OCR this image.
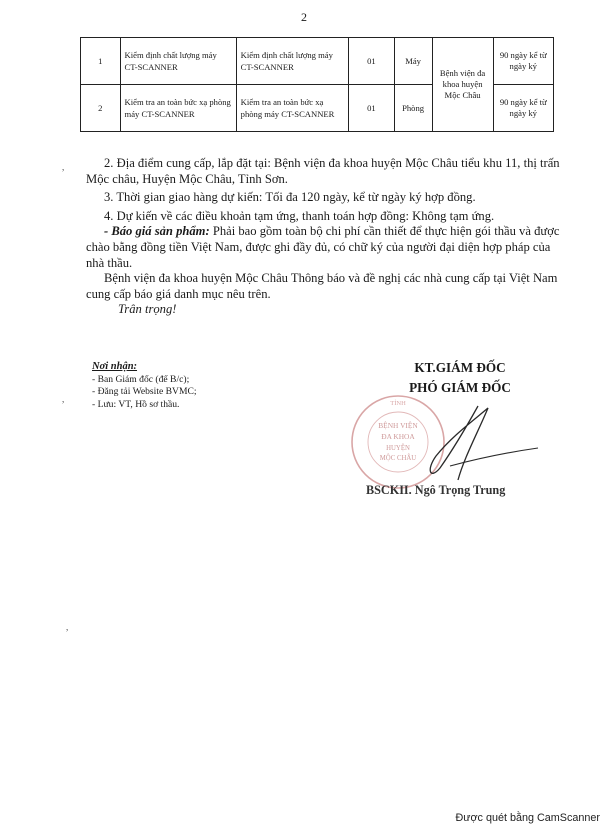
2
1	Kiểm định chất lượng máy CT-SCANNER	Kiểm định chất lượng máy CT-SCANNER	01	Máy	Bệnh viện đa khoa huyện Mộc Châu	90 ngày kể từ ngày ký
2	Kiểm tra an toàn bức xạ phòng máy CT-SCANNER	Kiểm tra an toàn bức xạ phòng máy CT-SCANNER	01	Phòng		90 ngày kể từ ngày ký

2. Địa điểm cung cấp, lắp đặt tại: Bệnh viện đa khoa huyện Mộc Châu tiểu khu 11, thị trấn Mộc châu, Huyện Mộc Châu, Tỉnh Sơn.

3. Thời gian giao hàng dự kiến: Tối đa 120 ngày, kể từ ngày ký hợp đồng.

4. Dự kiến về các điều khoản tạm ứng, thanh toán hợp đồng: Không tạm ứng.

- Báo giá sản phẩm: Phải bao gồm toàn bộ chi phí cần thiết để thực hiện gói thầu và được chào bằng đồng tiền Việt Nam, được ghi đầy đủ, có chữ ký của người đại diện hợp pháp của nhà thầu.

Bệnh viện đa khoa huyện Mộc Châu Thông báo và đề nghị các nhà cung cấp tại Việt Nam cung cấp báo giá danh mục nêu trên.

Trân trọng!

Nơi nhận:
- Ban Giám đốc (để B/c);
- Đăng tải Website BVMC;
- Lưu: VT, Hồ sơ thầu.
KT.GIÁM ĐỐC
PHÓ GIÁM ĐỐC
TỈNH
BỆNH VIỆN
ĐA KHOA
HUYỆN
MỘC CHÂU
BSCKII. Ngô Trọng Trung
,
,
,
Được quét bằng CamScanner
